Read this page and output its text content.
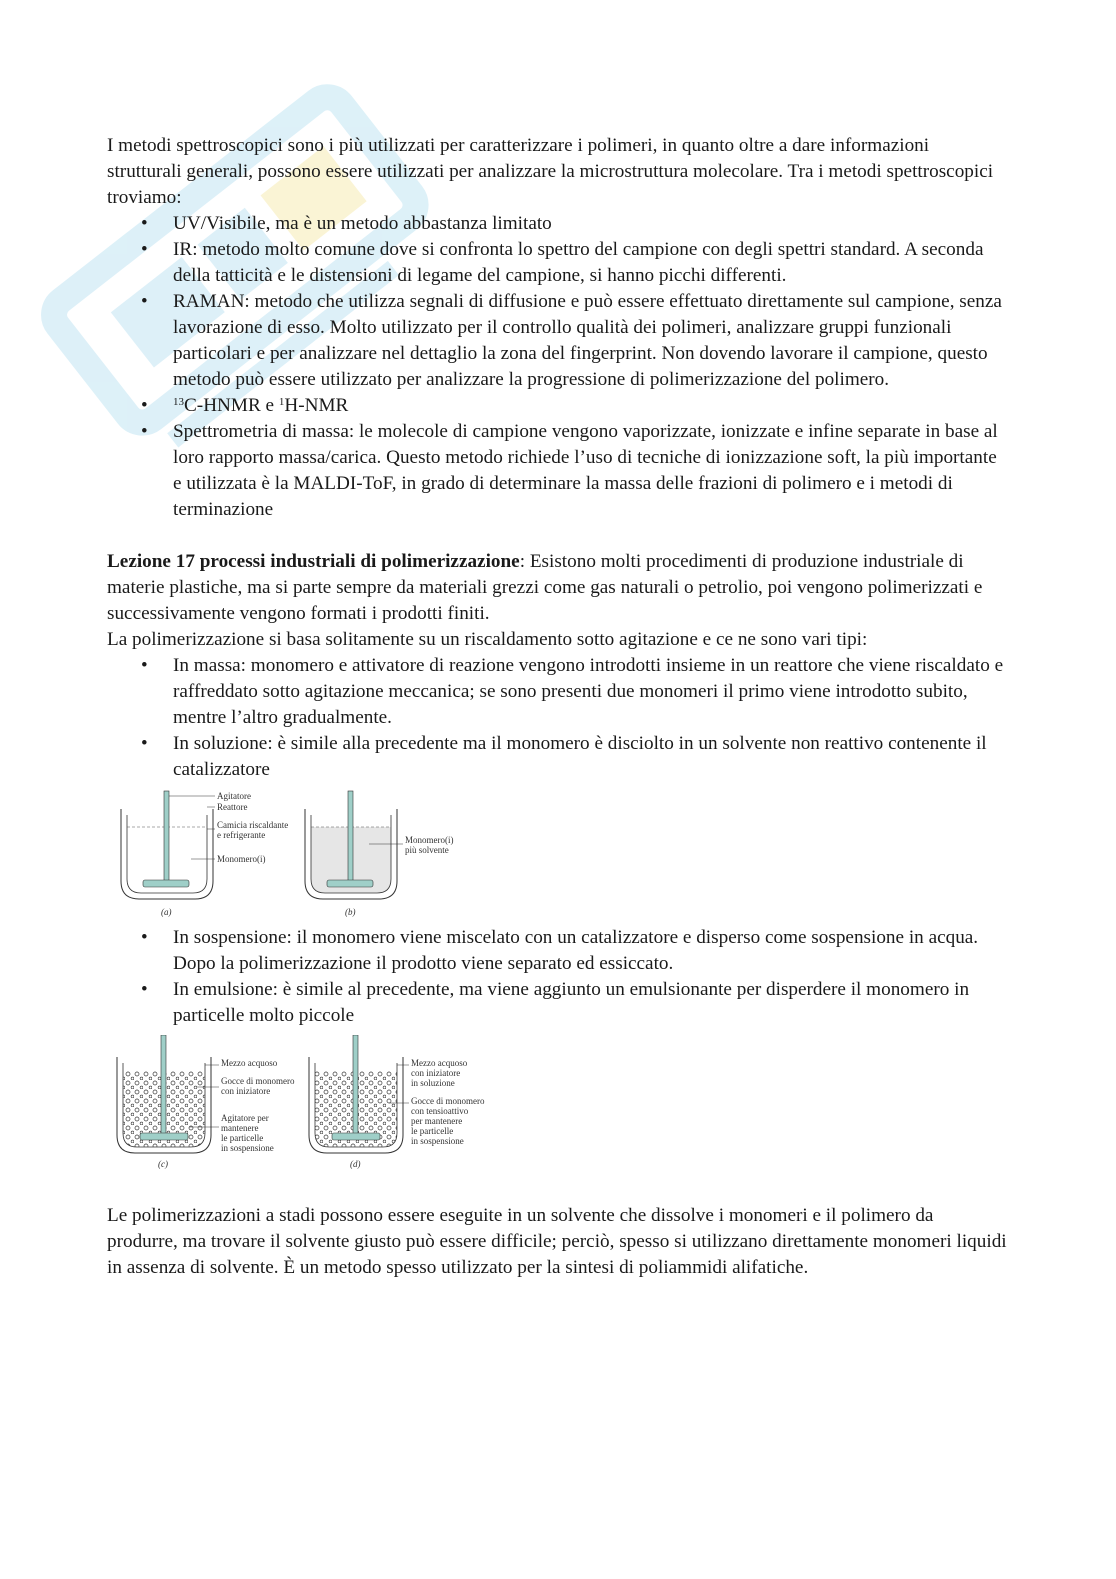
I metodi spettroscopici sono i più utilizzati per caratterizzare i polimeri, in quanto oltre a dare informazioni strutturali generali, possono essere utilizzati per analizzare la microstruttura molecolare. Tra i metodi spettroscopici troviamo:

• UV/Visibile, ma è un metodo abbastanza limitato
• IR: metodo molto comune dove si confronta lo spettro del campione con degli spettri standard. A seconda della tatticità e le distensioni di legame del campione, si hanno picchi differenti.
• RAMAN: metodo che utilizza segnali di diffusione e può essere effettuato direttamente sul campione, senza lavorazione di esso. Molto utilizzato per il controllo qualità dei polimeri, analizzare gruppi funzionali particolari e per analizzare nel dettaglio la zona del fingerprint. Non dovendo lavorare il campione, questo metodo può essere utilizzato per analizzare la progressione di polimerizzazione del polimero.
• $^{13}$C-HNMR e $^1$H-NMR
• Spettrometria di massa: le molecole di campione vengono vaporizzate, ionizzate e infine separate in base al loro rapporto massa/carica. Questo metodo richiede l’uso di tecniche di ionizzazione soft, la più importante e utilizzata è la MALDI-ToF, in grado di determinare la massa delle frazioni di polimero e i metodi di terminazione

Lezione 17 processi industriali di polimerizzazione: Esistono molti procedimenti di produzione industriale di materie plastiche, ma si parte sempre da materiali grezzi come gas naturali o petrolio, poi vengono polimerizzati e successivamente vengono formati i prodotti finiti.

La polimerizzazione si basa solitamente su un riscaldamento sotto agitazione e ce ne sono vari tipi:

• In massa: monomero e attivatore di reazione vengono introdotti insieme in un reattore che viene riscaldato e raffreddato sotto agitazione meccanica; se sono presenti due monomeri il primo viene introdotto subito, mentre l’altro gradualmente.
• In soluzione: è simile alla precedente ma il monomero è disciolto in un solvente non reattivo contenente il catalizzatore
Agitatore
Reattore
Camicia riscaldante
e refrigerante
Monomero(i)
(a)
Monomero(i)
più solvente
(b)
• In sospensione: il monomero viene miscelato con un catalizzatore e disperso come sospensione in acqua. Dopo la polimerizzazione il prodotto viene separato ed essiccato.
• In emulsione: è simile al precedente, ma viene aggiunto un emulsionante per disperdere il monomero in particelle molto piccole
Mezzo acquoso
Gocce di monomero
con iniziatore
Agitatore per
mantenere
le particelle
in sospensione
(c)
Mezzo acquoso
con iniziatore
in soluzione
Gocce di monomero
con tensioattivo
per mantenere
le particelle
in sospensione
(d)

Le polimerizzazioni a stadi possono essere eseguite in un solvente che dissolve i monomeri e il polimero da produrre, ma trovare il solvente giusto può essere difficile; perciò, spesso si utilizzano direttamente monomeri liquidi in assenza di solvente. È un metodo spesso utilizzato per la sintesi di poliammidi alifatiche.
